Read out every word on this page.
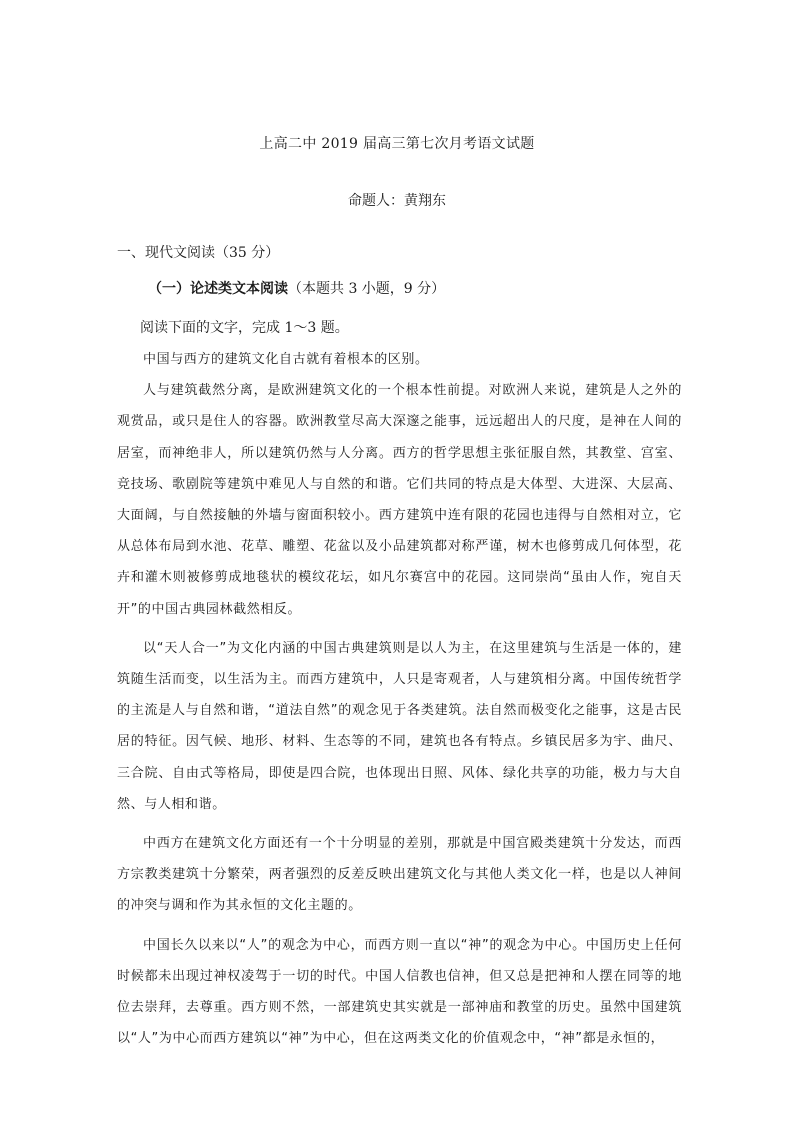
上高二中 2019 届高三第七次月考语文试题
命题人：黄翔东
一、现代文阅读（35 分）
（一）论述类文本阅读（本题共 3 小题，9 分）
阅读下面的文字，完成 1～3 题。

中国与西方的建筑文化自古就有着根本的区别。

人与建筑截然分离，是欧洲建筑文化的一个根本性前提。对欧洲人来说，建筑是人之外的观赏品，或只是住人的容器。欧洲教堂尽高大深邃之能事，远远超出人的尺度，是神在人间的居室，而神绝非人，所以建筑仍然与人分离。西方的哲学思想主张征服自然，其教堂、宫室、竞技场、歌剧院等建筑中难见人与自然的和谐。它们共同的特点是大体型、大进深、大层高、大面阔，与自然接触的外墙与窗面积较小。西方建筑中连有限的花园也违得与自然相对立，它从总体布局到水池、花草、雕塑、花盆以及小品建筑都对称严谨，树木也修剪成几何体型，花卉和灌木则被修剪成地毯状的模纹花坛，如凡尔赛宫中的花园。这同崇尚“虽由人作，宛自天开”的中国古典园林截然相反。

以“天人合一”为文化内涵的中国古典建筑则是以人为主，在这里建筑与生活是一体的，建筑随生活而变，以生活为主。而西方建筑中，人只是寄观者，人与建筑相分离。中国传统哲学的主流是人与自然和谐，“道法自然”的观念见于各类建筑。法自然而极变化之能事，这是古民居的特征。因气候、地形、材料、生态等的不同，建筑也各有特点。乡镇民居多为宇、曲尺、三合院、自由式等格局，即使是四合院，也体现出日照、风体、绿化共享的功能，极力与大自然、与人相和谐。

中西方在建筑文化方面还有一个十分明显的差别，那就是中国宫殿类建筑十分发达，而西方宗教类建筑十分繁荣，两者强烈的反差反映出建筑文化与其他人类文化一样，也是以人神间的冲突与调和作为其永恒的文化主题的。

中国长久以来以“人”的观念为中心，而西方则一直以“神”的观念为中心。中国历史上任何时候都未出现过神权凌驾于一切的时代。中国人信教也信神，但又总是把神和人摆在同等的地位去崇拜，去尊重。西方则不然，一部建筑史其实就是一部神庙和教堂的历史。虽然中国建筑以“人”为中心而西方建筑以“神”为中心，但在这两类文化的价值观念中，“神”都是永恒的，
